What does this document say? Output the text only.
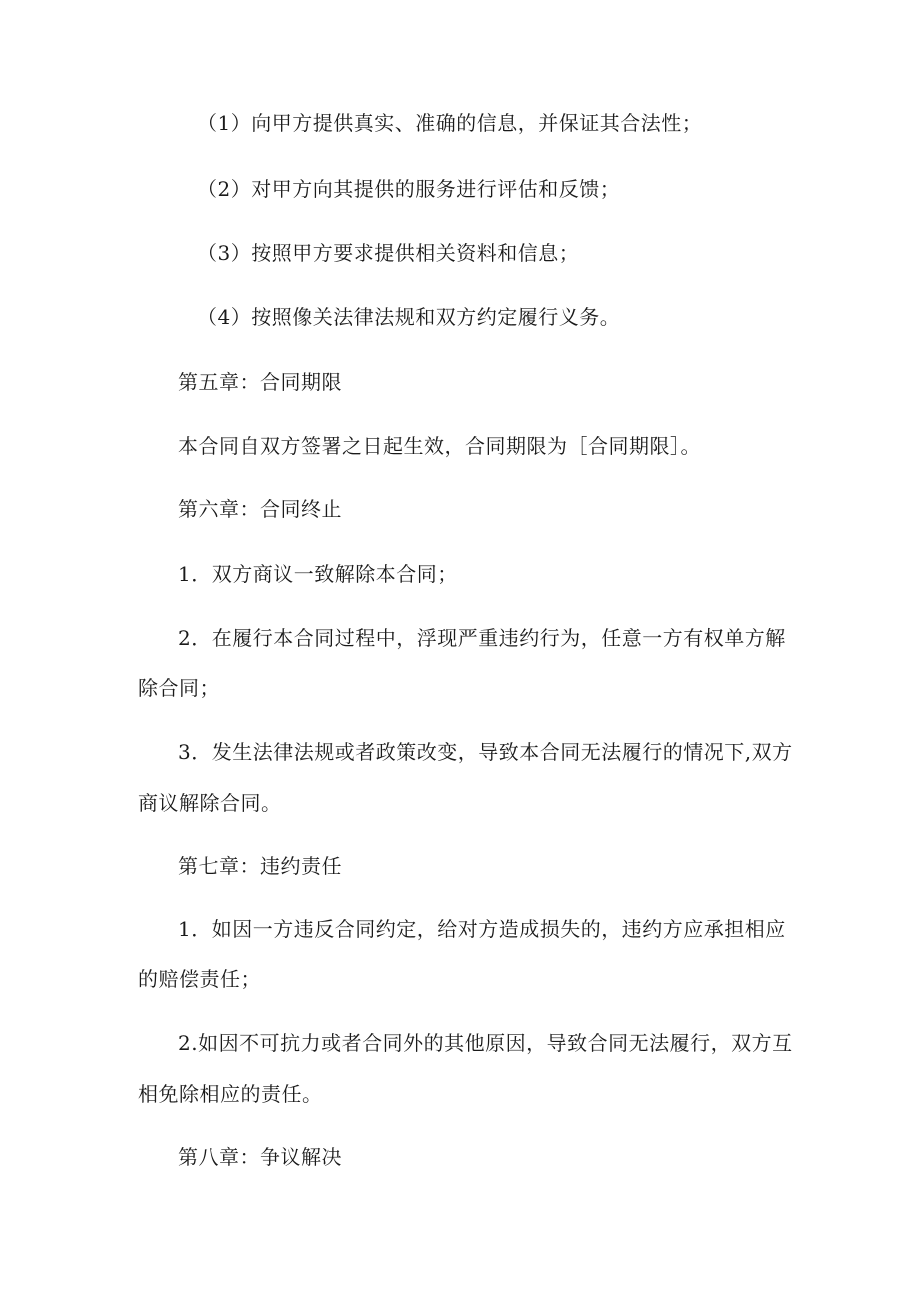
（1）向甲方提供真实、准确的信息，并保证其合法性；
（2）对甲方向其提供的服务进行评估和反馈；
（3）按照甲方要求提供相关资料和信息；
（4）按照像关法律法规和双方约定履行义务。
第五章：合同期限
本合同自双方签署之日起生效，合同期限为［合同期限］。
第六章：合同终止
1．双方商议一致解除本合同；
2．在履行本合同过程中，浮现严重违约行为，任意一方有权单方解
除合同；
3．发生法律法规或者政策改变，导致本合同无法履行的情况下,双方
商议解除合同。
第七章：违约责任
1．如因一方违反合同约定，给对方造成损失的，违约方应承担相应
的赔偿责任；
2.如因不可抗力或者合同外的其他原因，导致合同无法履行，双方互
相免除相应的责任。
第八章：争议解决
